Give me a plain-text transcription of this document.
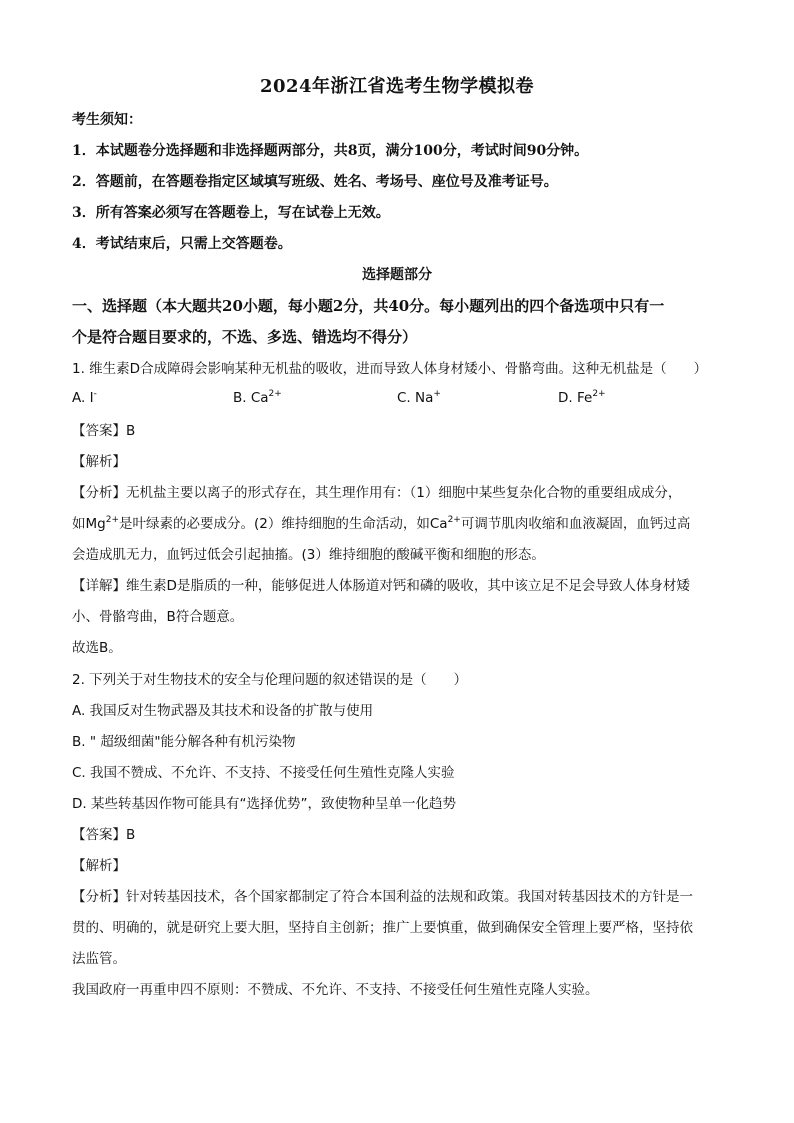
2024年浙江省选考生物学模拟卷
考生须知：
1．本试题卷分选择题和非选择题两部分，共8页，满分100分，考试时间90分钟。
2．答题前，在答题卷指定区域填写班级、姓名、考场号、座位号及准考证号。
3．所有答案必须写在答题卷上，写在试卷上无效。
4．考试结束后，只需上交答题卷。
选择题部分
一、选择题（本大题共20小题，每小题2分，共40分。每小题列出的四个备选项中只有一
个是符合题目要求的，不选、多选、错选均不得分）
1. 维生素D合成障碍会影响某种无机盐的吸收，进而导致人体身材矮小、骨骼弯曲。这种无机盐是（　　）
A. I-	B. $Ca^{2+}$	C. Na+	D. $Fe^{2+}$
【答案】B
【解析】
【分析】无机盐主要以离子的形式存在，其生理作用有：（1）细胞中某些复杂化合物的重要组成成分，
如$Mg^{2+}$是叶绿素的必要成分。(2）维持细胞的生命活动，如$Ca^{2+}$可调节肌肉收缩和血液凝固，血钙过高
会造成肌无力，血钙过低会引起抽搐。(3）维持细胞的酸碱平衡和细胞的形态。
【详解】维生素D是脂质的一种，能够促进人体肠道对钙和磷的吸收，其中该立足不足会导致人体身材矮
小、骨骼弯曲，B符合题意。
故选B。
2. 下列关于对生物技术的安全与伦理问题的叙述错误的是（　　）
A. 我国反对生物武器及其技术和设备的扩散与使用
B. " 超级细菌"能分解各种有机污染物
C. 我国不赞成、不允许、不支持、不接受任何生殖性克隆人实验
D. 某些转基因作物可能具有“选择优势”，致使物种呈单一化趋势
【答案】B
【解析】
【分析】针对转基因技术，各个国家都制定了符合本国利益的法规和政策。我国对转基因技术的方针是一
贯的、明确的，就是研究上要大胆，坚持自主创新；推广上要慎重，做到确保安全管理上要严格，坚持依
法监管。
我国政府一再重申四不原则：不赞成、不允许、不支持、不接受任何生殖性克隆人实验。
